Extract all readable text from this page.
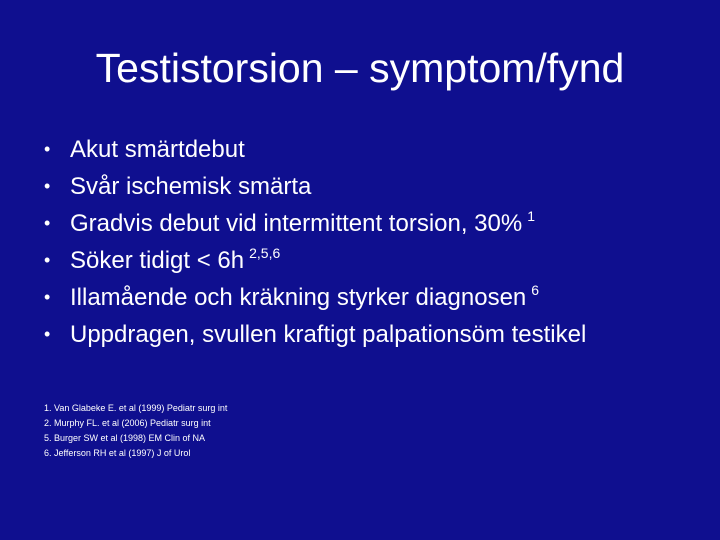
Testistorsion – symptom/fynd
• Akut smärtdebut
• Svår ischemisk smärta
• Gradvis debut vid intermittent torsion, 30% $^1$
• Söker tidigt < 6h $^{2,5,6}$
• Illamående och kräkning styrker diagnosen $^6$
• Uppdragen, svullen kraftigt palpationsöm testikel
1. Van Glabeke E. et al (1999) Pediatr surg int
2. Murphy FL. et al (2006) Pediatr surg int
5. Burger SW et al (1998) EM Clin of NA
6. Jefferson RH et al (1997) J of Urol
